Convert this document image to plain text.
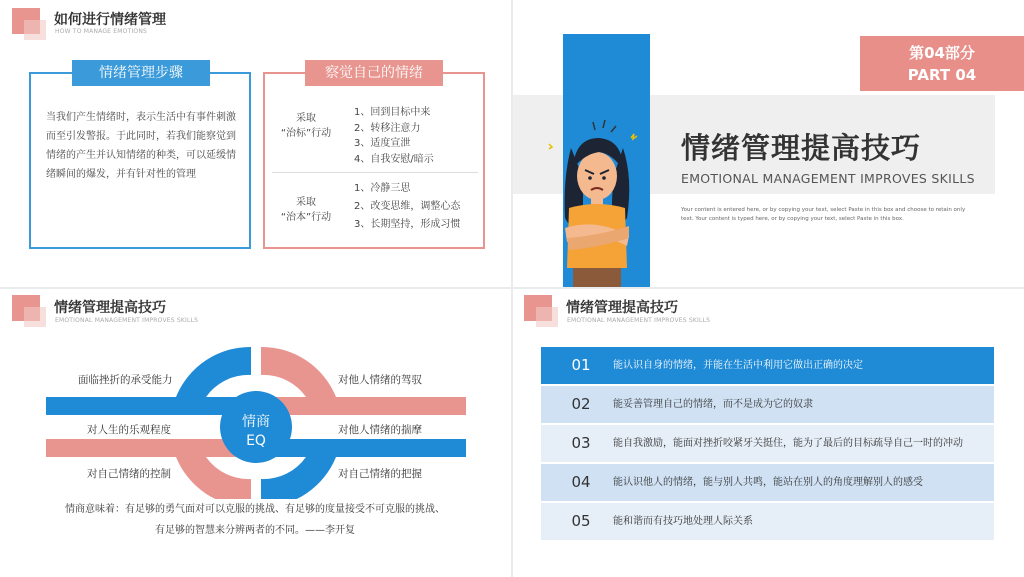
如何进行情绪管理
HOW TO MANAGE EMOTIONS
情绪管理步骤
当我们产生情绪时，表示生活中有事件刺激而至引发警报。于此同时，若我们能察觉到情绪的产生并认知情绪的种类，可以延缓情绪瞬间的爆发，并有针对性的管理
察觉自己的情绪
采取
“治标”行动
1、回到目标中来
2、转移注意力
3、适度宣泄
4、自我安慰/暗示
采取
“治本”行动
1、冷静三思
2、改变思维，调整心态
3、长期坚持，形成习惯
第04部分
PART 04
情绪管理提高技巧
EMOTIONAL MANAGEMENT IMPROVES SKILLS
Your content is entered here, or by copying your text, select Paste in this box and choose to retain only text. Your content is typed here, or by copying your text, select Paste in this box.
情绪管理提高技巧
EMOTIONAL MANAGEMENT IMPROVES SKILLS
情商
EQ
面临挫折的承受能力
对人生的乐观程度
对自己情绪的控制
对他人情绪的驾驭
对他人情绪的揣摩
对自己情绪的把握
情商意味着：有足够的勇气面对可以克服的挑战、有足够的度量接受不可克服的挑战、
有足够的智慧来分辨两者的不同。——李开复
情绪管理提高技巧
EMOTIONAL MANAGEMENT IMPROVES SKILLS
01	能认识自身的情绪，并能在生活中利用它做出正确的决定
02	能妥善管理自己的情绪，而不是成为它的奴隶
03	能自我激励，能面对挫折咬紧牙关挺住，能为了最后的目标疏导自己一时的冲动
04	能认识他人的情绪，能与别人共鸣，能站在别人的角度理解别人的感受
05	能和谐而有技巧地处理人际关系
